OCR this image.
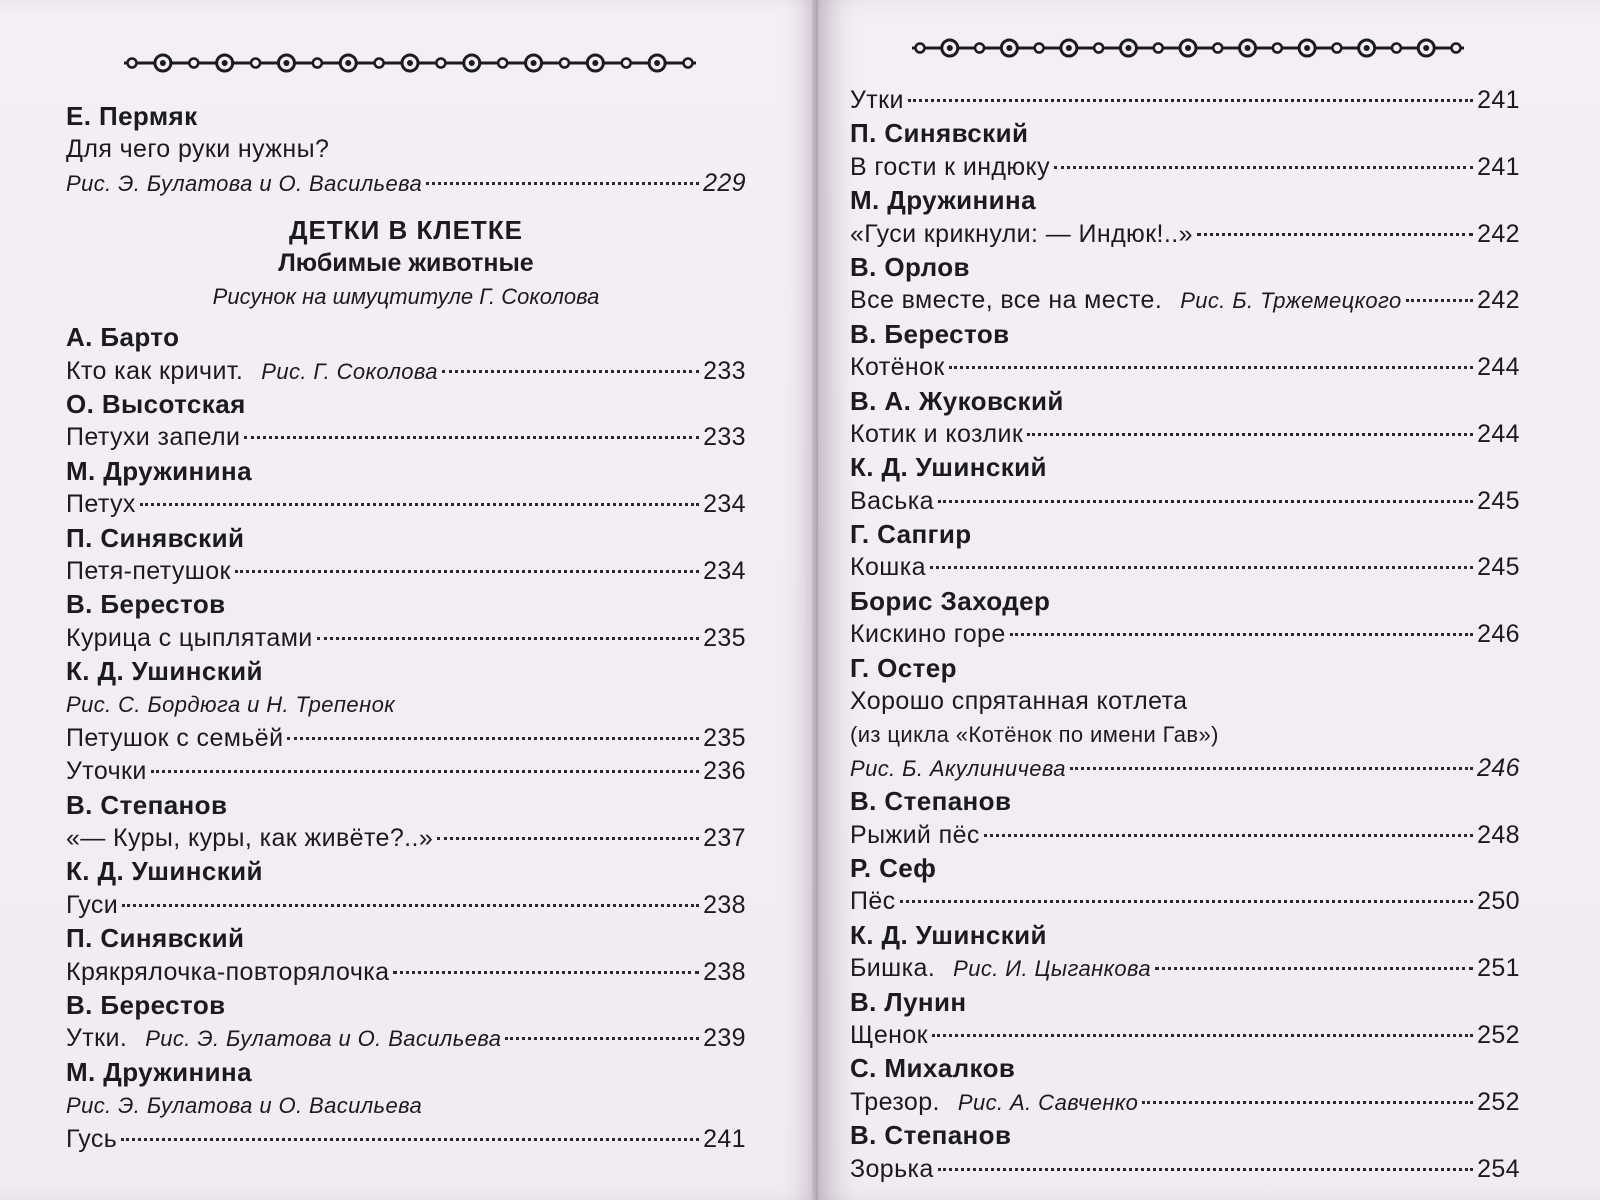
Е. Пермяк
Для чего руки нужны?
Рис. Э. Булатова и О. Васильева	229
ДЕТКИ В КЛЕТКЕ
Любимые животные
Рисунок на шмуцтитуле Г. Соколова
А. Барто
Кто как кричит. Рис. Г. Соколова	233
О. Высотская
Петухи запели	233
М. Дружинина
Петух	234
П. Синявский
Петя-петушок	234
В. Берестов
Курица с цыплятами	235
К. Д. Ушинский
Рис. С. Бордюга и Н. Трепенок
Петушок с семьёй	235
Уточки	236
В. Степанов
«— Куры, куры, как живёте?..»	237
К. Д. Ушинский
Гуси	238
П. Синявский
Крякрялочка-повторялочка	238
В. Берестов
Утки. Рис. Э. Булатова и О. Васильева	239
М. Дружинина
Рис. Э. Булатова и О. Васильева
Гусь	241
Утки	241
П. Синявский
В гости к индюку	241
М. Дружинина
«Гуси крикнули: — Индюк!..»	242
В. Орлов
Все вместе, все на месте. Рис. Б. Тржемецкого	242
В. Берестов
Котёнок	244
В. А. Жуковский
Котик и козлик	244
К. Д. Ушинский
Васька	245
Г. Сапгир
Кошка	245
Борис Заходер
Кискино горе	246
Г. Остер
Хорошо спрятанная котлета
(из цикла «Котёнок по имени Гав»)
Рис. Б. Акулиничева	246
В. Степанов
Рыжий пёс	248
Р. Сеф
Пёс	250
К. Д. Ушинский
Бишка. Рис. И. Цыганкова	251
В. Лунин
Щенок	252
С. Михалков
Трезор. Рис. А. Савченко	252
В. Степанов
Зорька	254
